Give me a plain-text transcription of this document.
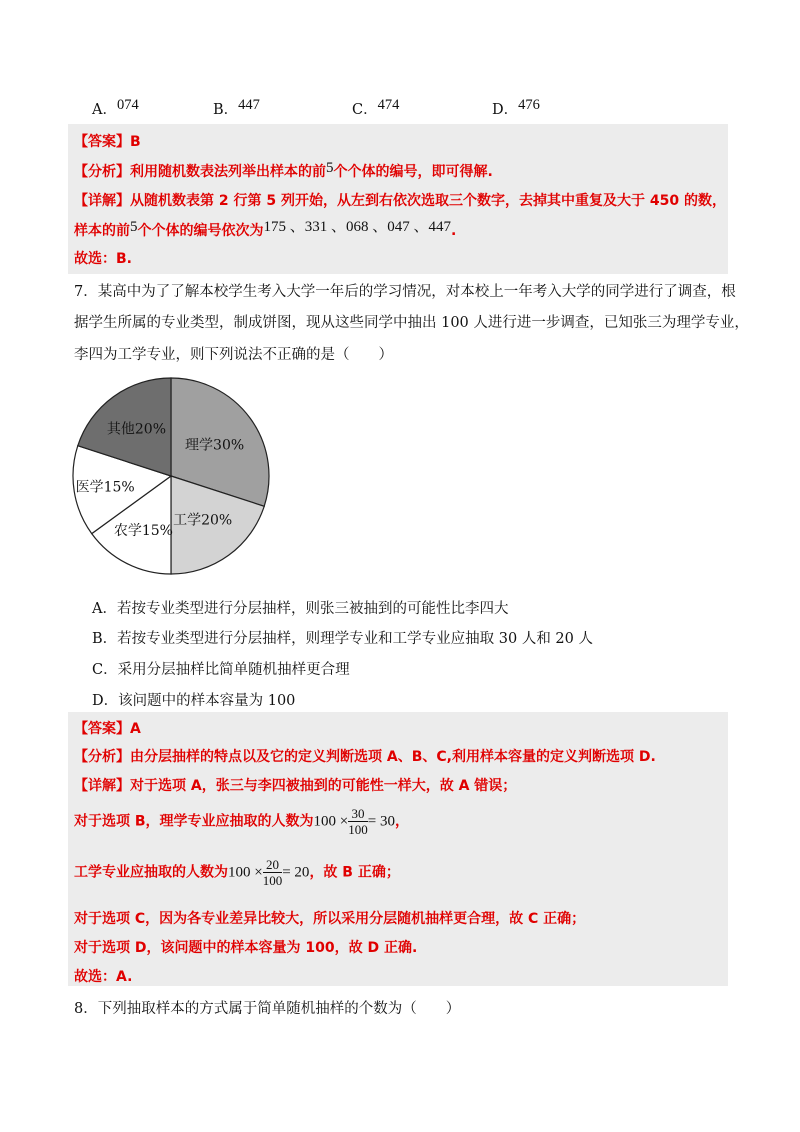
A．074	B．447	C．474	D．476
【答案】B
【分析】利用随机数表法列举出样本的前5个个体的编号，即可得解.
【详解】从随机数表第 2 行第 5 列开始，从左到右依次选取三个数字，去掉其中重复及大于 450 的数，
样本的前5个个体的编号依次为175 、331 、068 、047 、447.
故选：B.
7．某高中为了了解本校学生考入大学一年后的学习情况，对本校上一年考入大学的同学进行了调查，根
据学生所属的专业类型，制成饼图，现从这些同学中抽出 100 人进行进一步调查，已知张三为理学专业，
李四为工学专业，则下列说法不正确的是（　　）
理学30%
工学20%
农学15%
医学15%
其他20%
A．若按专业类型进行分层抽样，则张三被抽到的可能性比李四大
B．若按专业类型进行分层抽样，则理学专业和工学专业应抽取 30 人和 20 人
C．采用分层抽样比简单随机抽样更合理
D．该问题中的样本容量为 100
【答案】A
【分析】由分层抽样的特点以及它的定义判断选项 A、B、C,利用样本容量的定义判断选项 D.
【详解】对于选项 A，张三与李四被抽到的可能性一样大，故 A 错误；
对于选项 B，理学专业应抽取的人数为$100 \times \frac{30}{100} = 30$，
工学专业应抽取的人数为$100 \times \frac{20}{100} = 20$，故 B 正确；
对于选项 C，因为各专业差异比较大，所以采用分层随机抽样更合理，故 C 正确；
对于选项 D，该问题中的样本容量为 100，故 D 正确.
故选：A.
8．下列抽取样本的方式属于简单随机抽样的个数为（　　）
